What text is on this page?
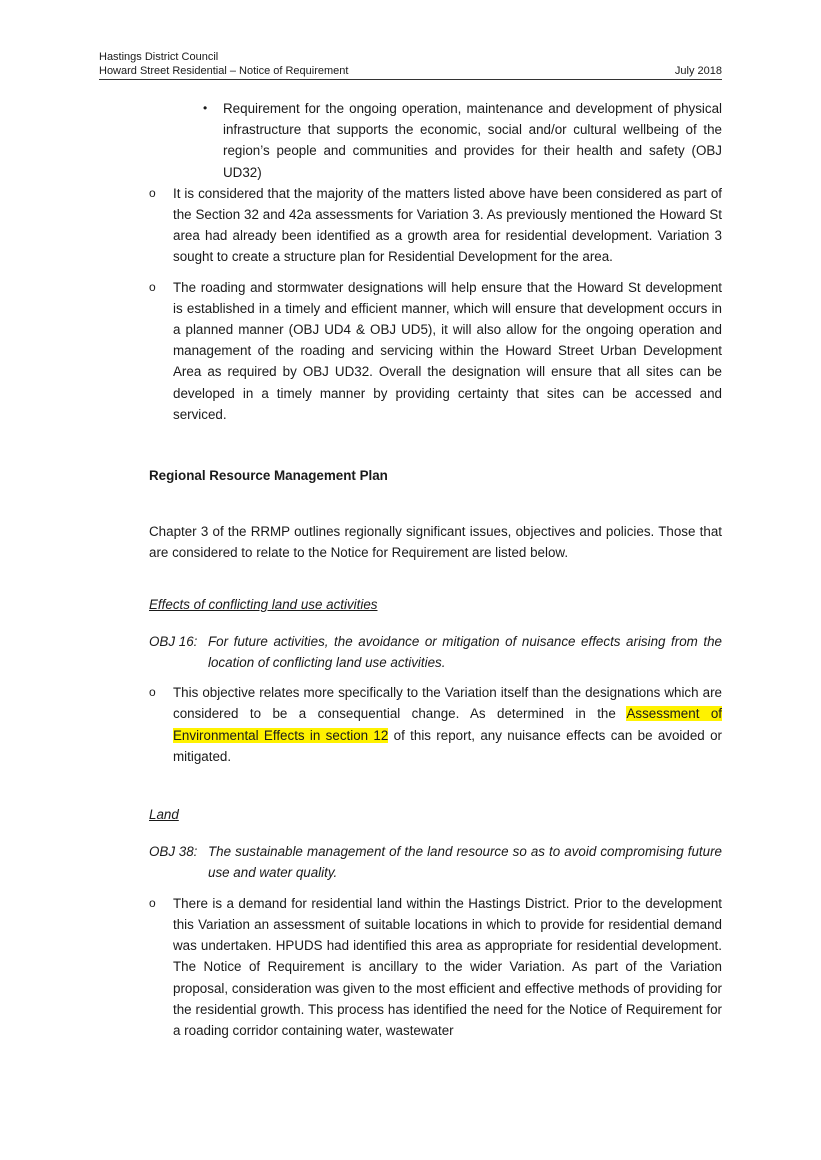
Hastings District Council
Howard Street Residential – Notice of Requirement	July 2018
• Requirement for the ongoing operation, maintenance and development of physical infrastructure that supports the economic, social and/or cultural wellbeing of the region’s people and communities and provides for their health and safety (OBJ UD32)

o It is considered that the majority of the matters listed above have been considered as part of the Section 32 and 42a assessments for Variation 3. As previously mentioned the Howard St area had already been identified as a growth area for residential development. Variation 3 sought to create a structure plan for Residential Development for the area.

o The roading and stormwater designations will help ensure that the Howard St development is established in a timely and efficient manner, which will ensure that development occurs in a planned manner (OBJ UD4 & OBJ UD5), it will also allow for the ongoing operation and management of the roading and servicing within the Howard Street Urban Development Area as required by OBJ UD32. Overall the designation will ensure that all sites can be developed in a timely manner by providing certainty that sites can be accessed and serviced.

Regional Resource Management Plan
Chapter 3 of the RRMP outlines regionally significant issues, objectives and policies. Those that are considered to relate to the Notice for Requirement are listed below.
Effects of conflicting land use activities
OBJ 16: For future activities, the avoidance or mitigation of nuisance effects arising from the location of conflicting land use activities.
o This objective relates more specifically to the Variation itself than the designations which are considered to be a consequential change. As determined in the Assessment of Environmental Effects in section 12 of this report, any nuisance effects can be avoided or mitigated.

Land
OBJ 38: The sustainable management of the land resource so as to avoid compromising future use and water quality.
o There is a demand for residential land within the Hastings District. Prior to the development this Variation an assessment of suitable locations in which to provide for residential demand was undertaken. HPUDS had identified this area as appropriate for residential development. The Notice of Requirement is ancillary to the wider Variation. As part of the Variation proposal, consideration was given to the most efficient and effective methods of providing for the residential growth. This process has identified the need for the Notice of Requirement for a roading corridor containing water, wastewater
